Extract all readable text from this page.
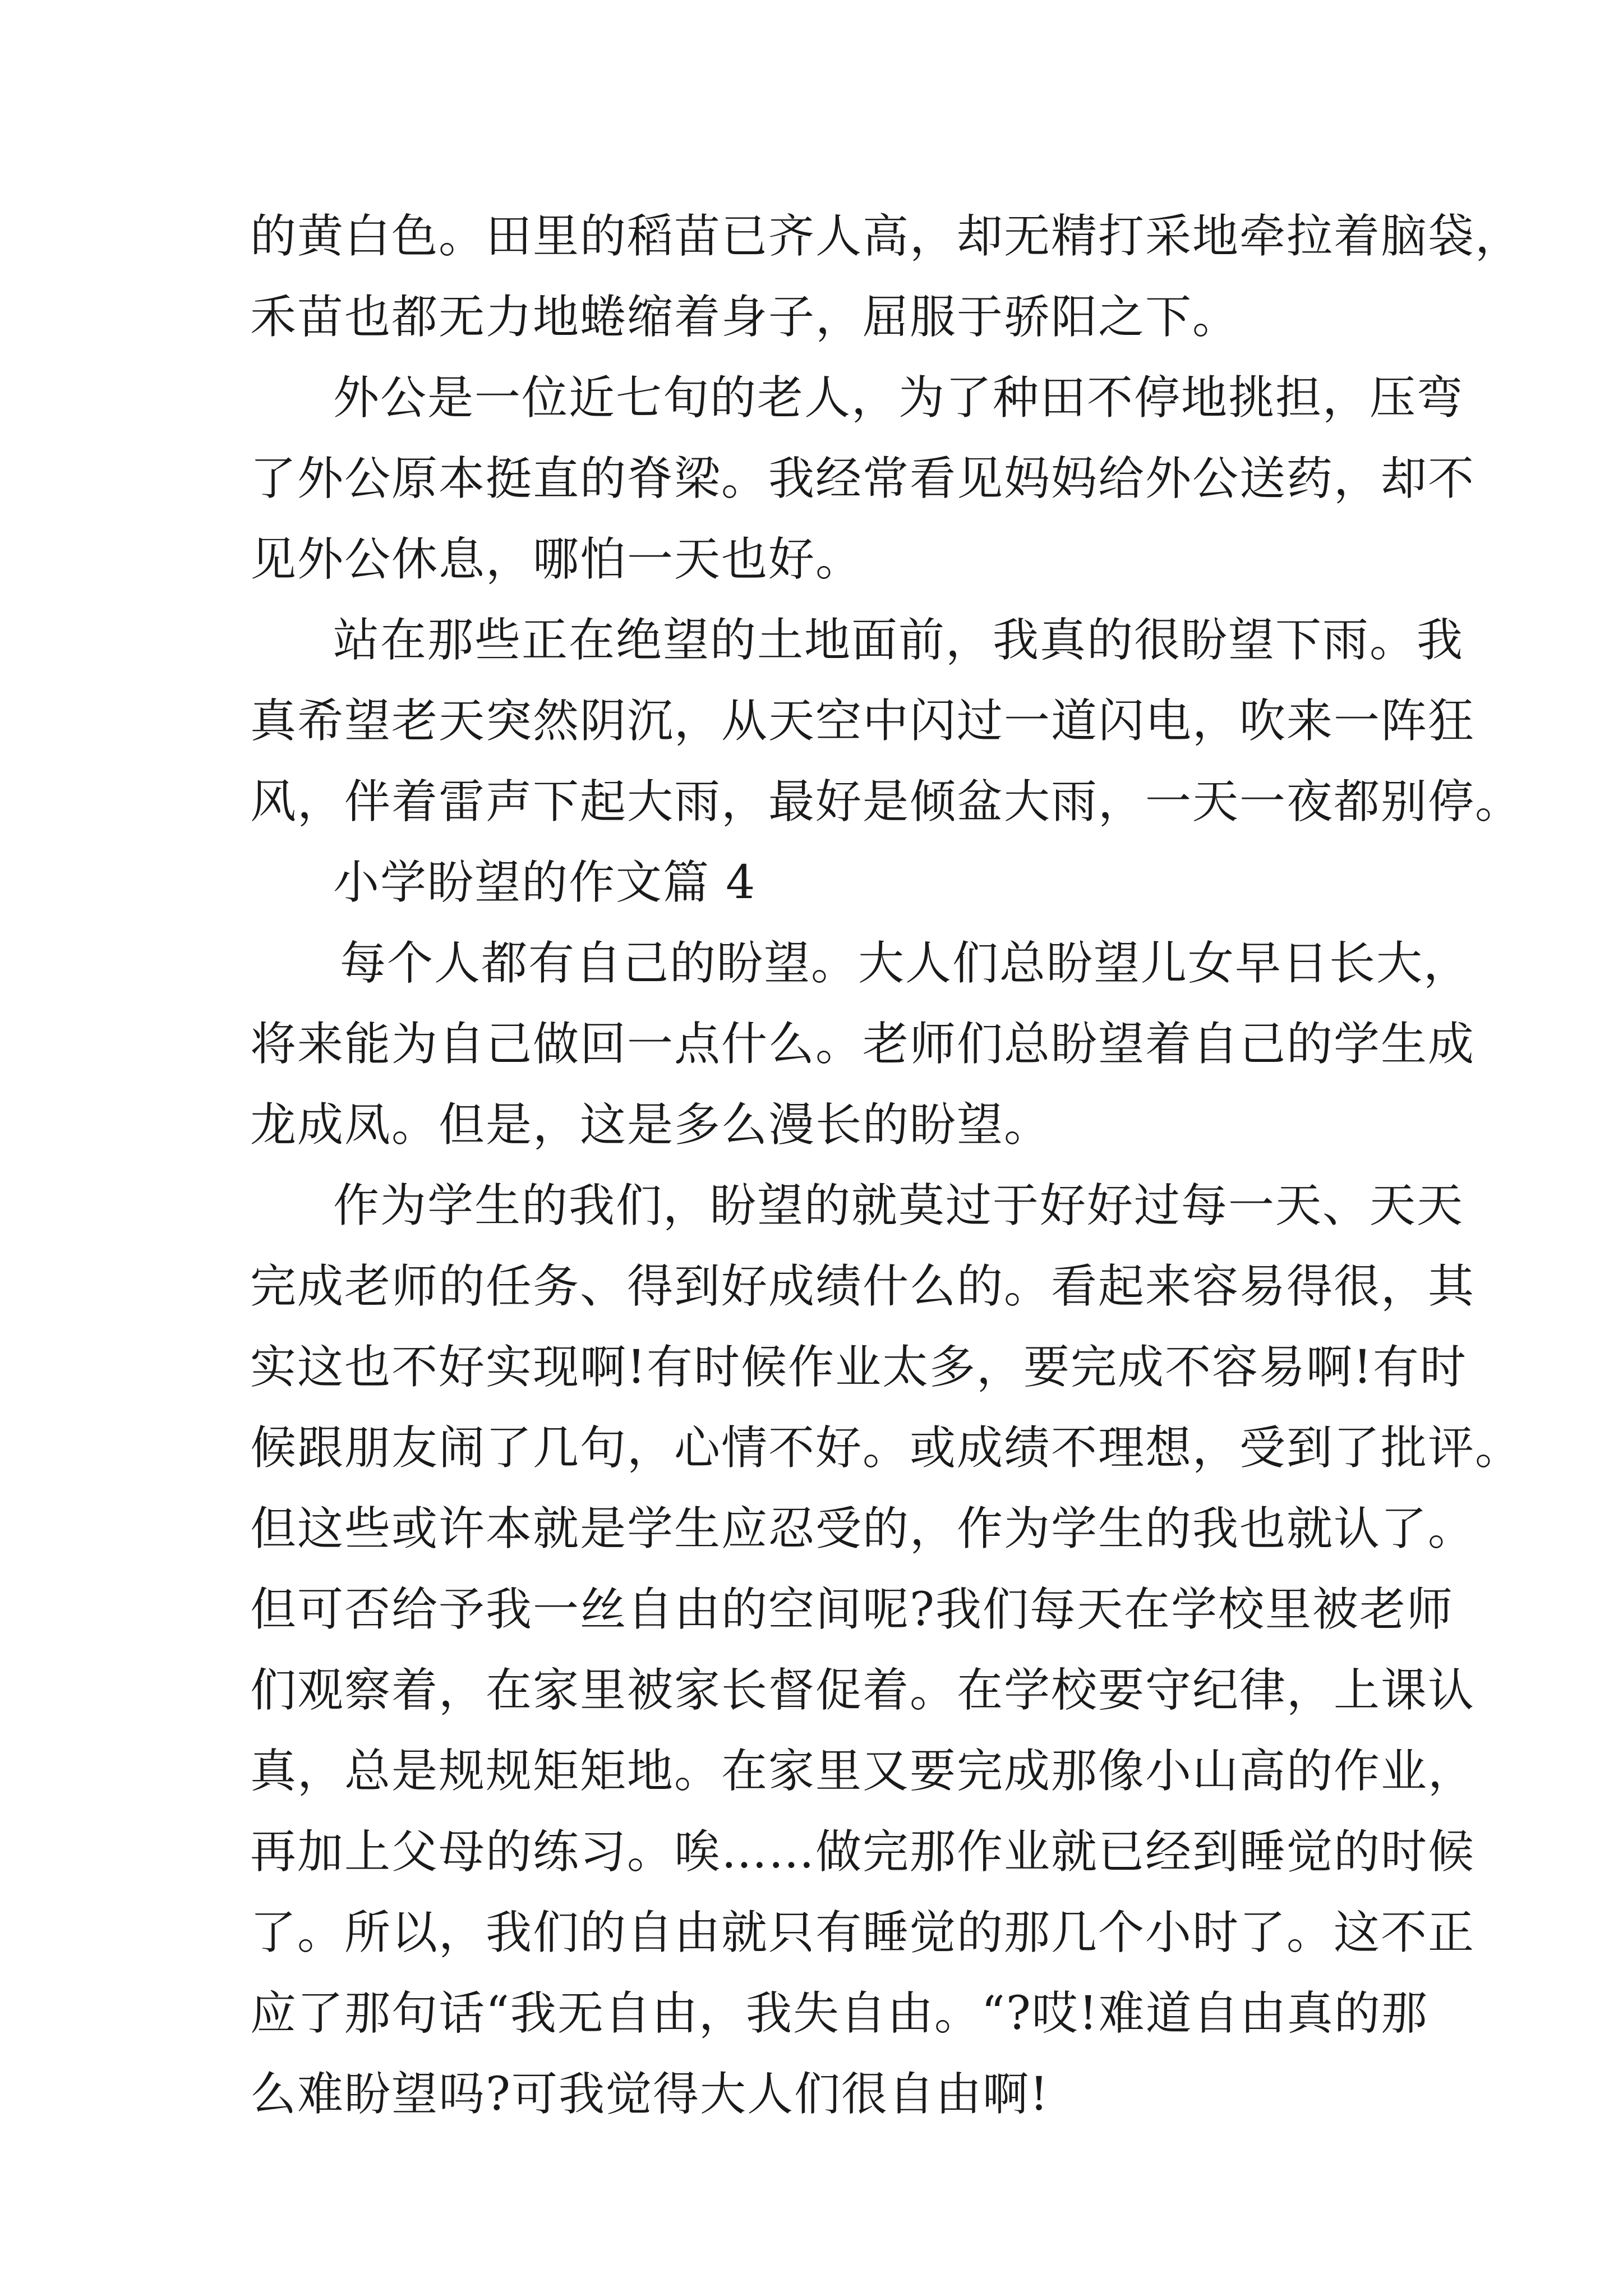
的黄白色。田里的稻苗已齐人高，却无精打采地牵拉着脑袋，
禾苗也都无力地蜷缩着身子，屈服于骄阳之下。
外公是一位近七旬的老人，为了种田不停地挑担，压弯
了外公原本挺直的脊梁。我经常看见妈妈给外公送药，却不
见外公休息，哪怕一天也好。
站在那些正在绝望的土地面前，我真的很盼望下雨。我
真希望老天突然阴沉，从天空中闪过一道闪电，吹来一阵狂
风，伴着雷声下起大雨，最好是倾盆大雨，一天一夜都别停。
小学盼望的作文篇 4
每个人都有自己的盼望。大人们总盼望儿女早日长大，
将来能为自己做回一点什么。老师们总盼望着自己的学生成
龙成凤。但是，这是多么漫长的盼望。
作为学生的我们，盼望的就莫过于好好过每一天、天天
完成老师的任务、得到好成绩什么的。看起来容易得很，其
实这也不好实现啊!有时候作业太多，要完成不容易啊!有时
候跟朋友闹了几句，心情不好。或成绩不理想，受到了批评。
但这些或许本就是学生应忍受的，作为学生的我也就认了。
但可否给予我一丝自由的空间呢?我们每天在学校里被老师
们观察着，在家里被家长督促着。在学校要守纪律，上课认
真，总是规规矩矩地。在家里又要完成那像小山高的作业，
再加上父母的练习。唉……做完那作业就已经到睡觉的时候
了。所以，我们的自由就只有睡觉的那几个小时了。这不正
应了那句话“我无自由，我失自由。“?哎!难道自由真的那
么难盼望吗?可我觉得大人们很自由啊!
